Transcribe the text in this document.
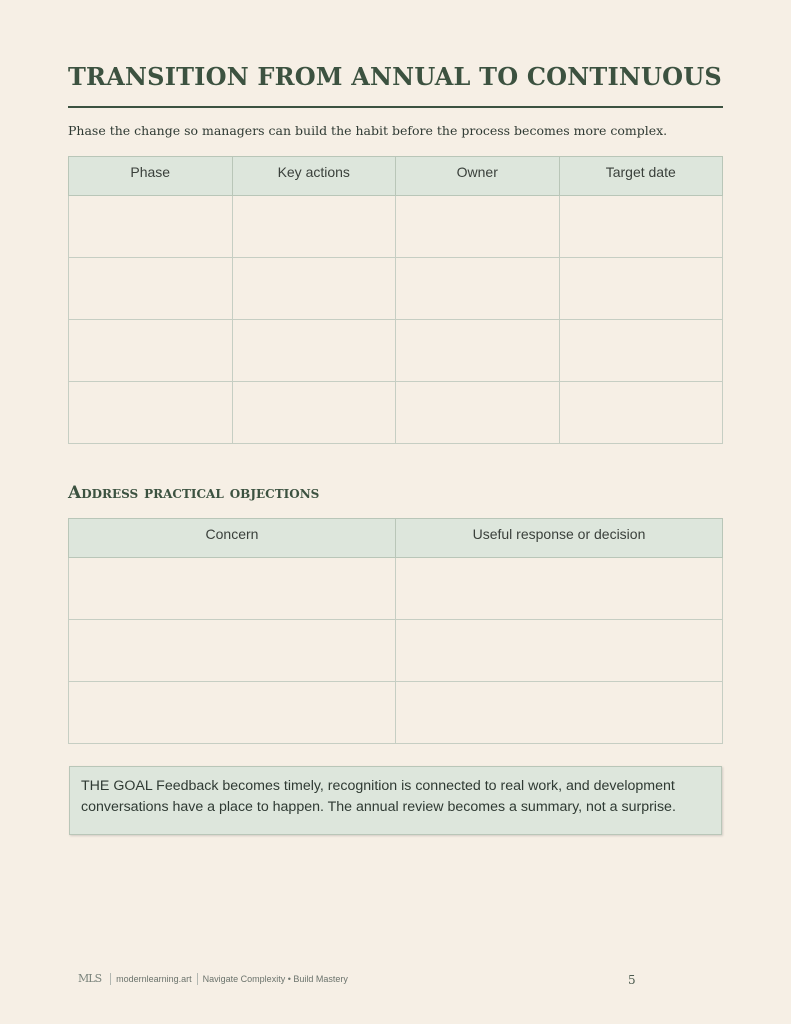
TRANSITION FROM ANNUAL TO CONTINUOUS

Phase the change so managers can build the habit before the process becomes more complex.

Phase	Key actions	Owner	Target date

Address practical objections
Concern	Useful response or decision

THE GOAL Feedback becomes timely, recognition is connected to real work, and development conversations have a place to happen. The annual review becomes a summary, not a surprise.

MLS modernlearning.art Navigate Complexity • Build Mastery	5
